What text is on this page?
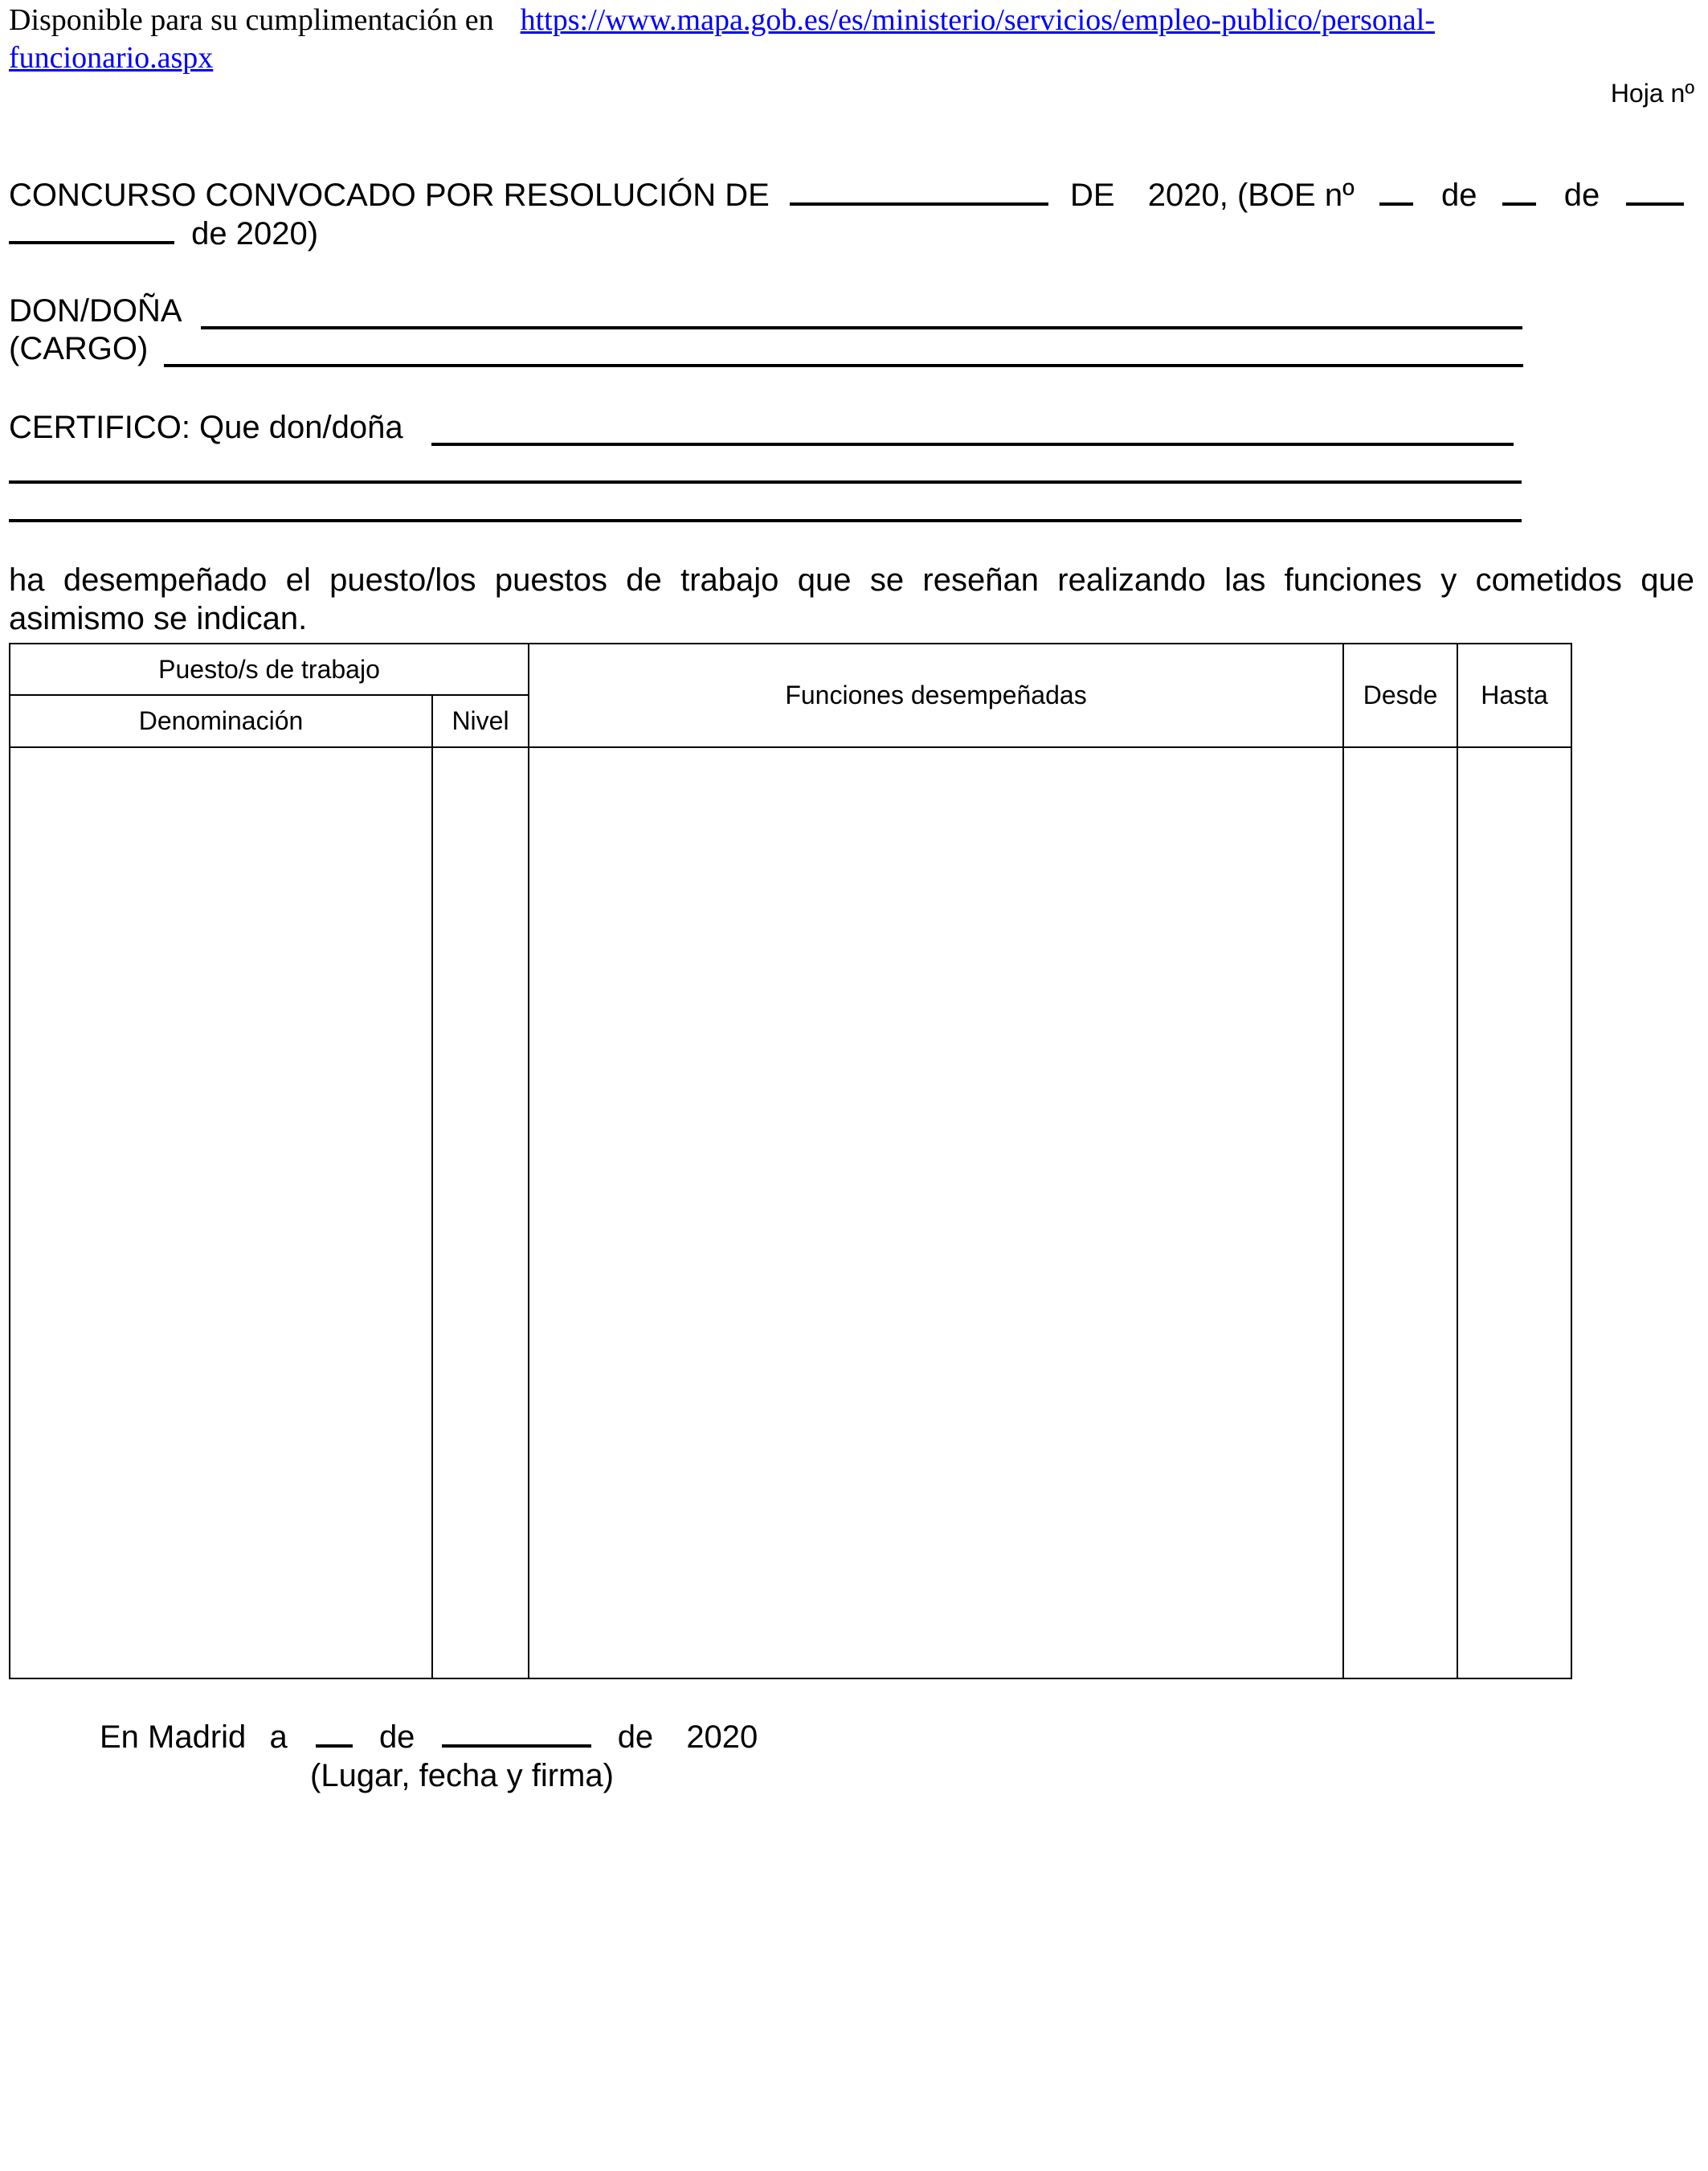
Disponible para su cumplimentación en https://www.mapa.gob.es/es/ministerio/servicios/empleo-publico/personal-
funcionario.aspx
Hoja nº
CONCURSO CONVOCADO POR RESOLUCIÓN DE	DE 2020, (BOE nº	de	de
de 2020)
DON/DOÑA
(CARGO)
CERTIFICO: Que don/doña
ha desempeñado el puesto/los puestos de trabajo que se reseñan realizando las funciones y cometidos que
asimismo se indican.
Puesto/s de trabajo		Funciones desempeñadas	Desde	Hasta
Denominación	Nivel			

En Madrid a	de	de 2020
(Lugar, fecha y firma)
